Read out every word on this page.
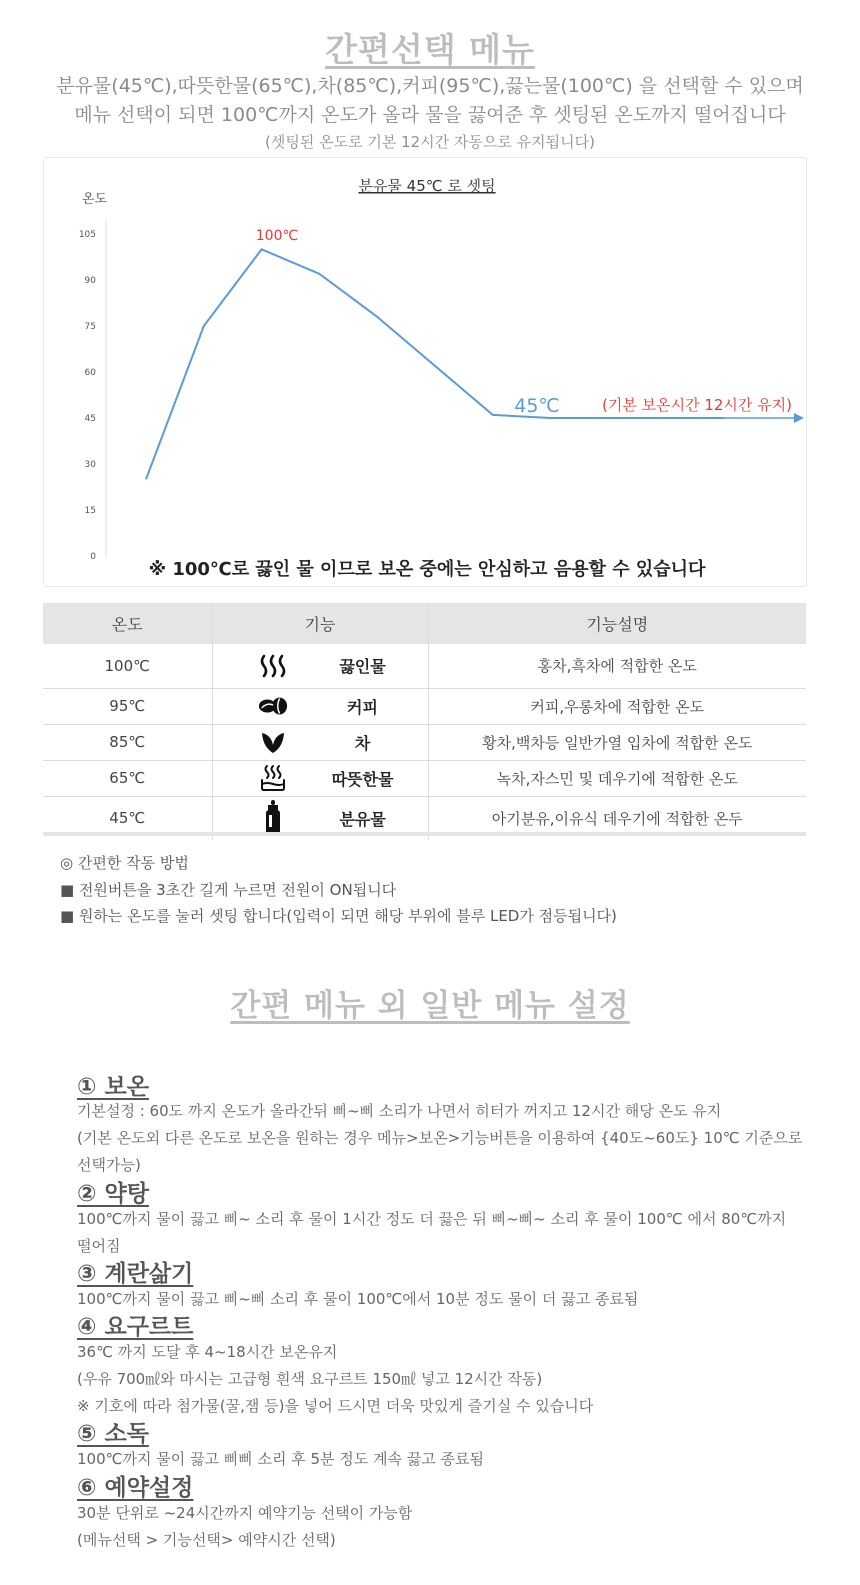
간편선택 메뉴
분유물(45℃),따뜻한물(65℃),차(85℃),커피(95℃),끓는물(100℃) 을 선택할 수 있으며
메뉴 선택이 되면 100℃까지 온도가 올라 물을 끓여준 후 셋팅된 온도까지 떨어집니다
(셋팅된 온도로 기본 12시간 자동으로 유지됩니다)
분유물 45℃ 로 셋팅
온도
0
15
30
45
60
75
90
105	100℃
45℃	(기본 보온시간 12시간 유지)
※ 100℃로 끓인 물 이므로 보온 중에는 안심하고 음용할 수 있습니다
온도	기능	기능설명
100℃	끓인물	홍차,흑차에 적합한 온도
95℃	커피	커피,우롱차에 적합한 온도
85℃	차	황차,백차등 일반가열 입차에 적합한 온도
65℃	따뜻한물	녹차,자스민 및 데우기에 적합한 온도
45℃	분유물	아기분유,이유식 데우기에 적합한 온두
◎ 간편한 작동 방법
■ 전원버튼을 3초간 길게 누르면 전원이 ON됩니다
■ 원하는 온도를 눌러 셋팅 합니다(입력이 되면 해당 부위에 블루 LED가 점등됩니다)
간편 메뉴 외 일반 메뉴 설정
① 보온
기본설정 : 60도 까지 온도가 올라간뒤 삐~삐 소리가 나면서 히터가 꺼지고 12시간 해당 온도 유지
(기본 온도외 다른 온도로 보온을 원하는 경우 메뉴>보온>기능버튼을 이용하여 {40도~60도} 10℃ 기준으로
선택가능)
② 약탕
100℃까지 물이 끓고 삐~ 소리 후 물이 1시간 정도 더 끓은 뒤 삐~삐~ 소리 후 물이 100℃ 에서 80℃까지
떨어짐
③ 계란삶기
100℃까지 물이 끓고 삐~삐 소리 후 물이 100℃에서 10분 정도 물이 더 끓고 종료됨
④ 요구르트
36℃ 까지 도달 후 4~18시간 보온유지
(우유 700㎖와 마시는 고급형 흰색 요구르트 150㎖ 넣고 12시간 작동)
※ 기호에 따라 첨가물(꿀,잼 등)을 넣어 드시면 더욱 맛있게 즐기실 수 있습니다
⑤ 소독
100℃까지 물이 끓고 삐삐 소리 후 5분 정도 계속 끓고 종료됨
⑥ 예약설정
30분 단위로 ~24시간까지 예약기능 선택이 가능함
(메뉴선택 > 기능선택> 예약시간 선택)
